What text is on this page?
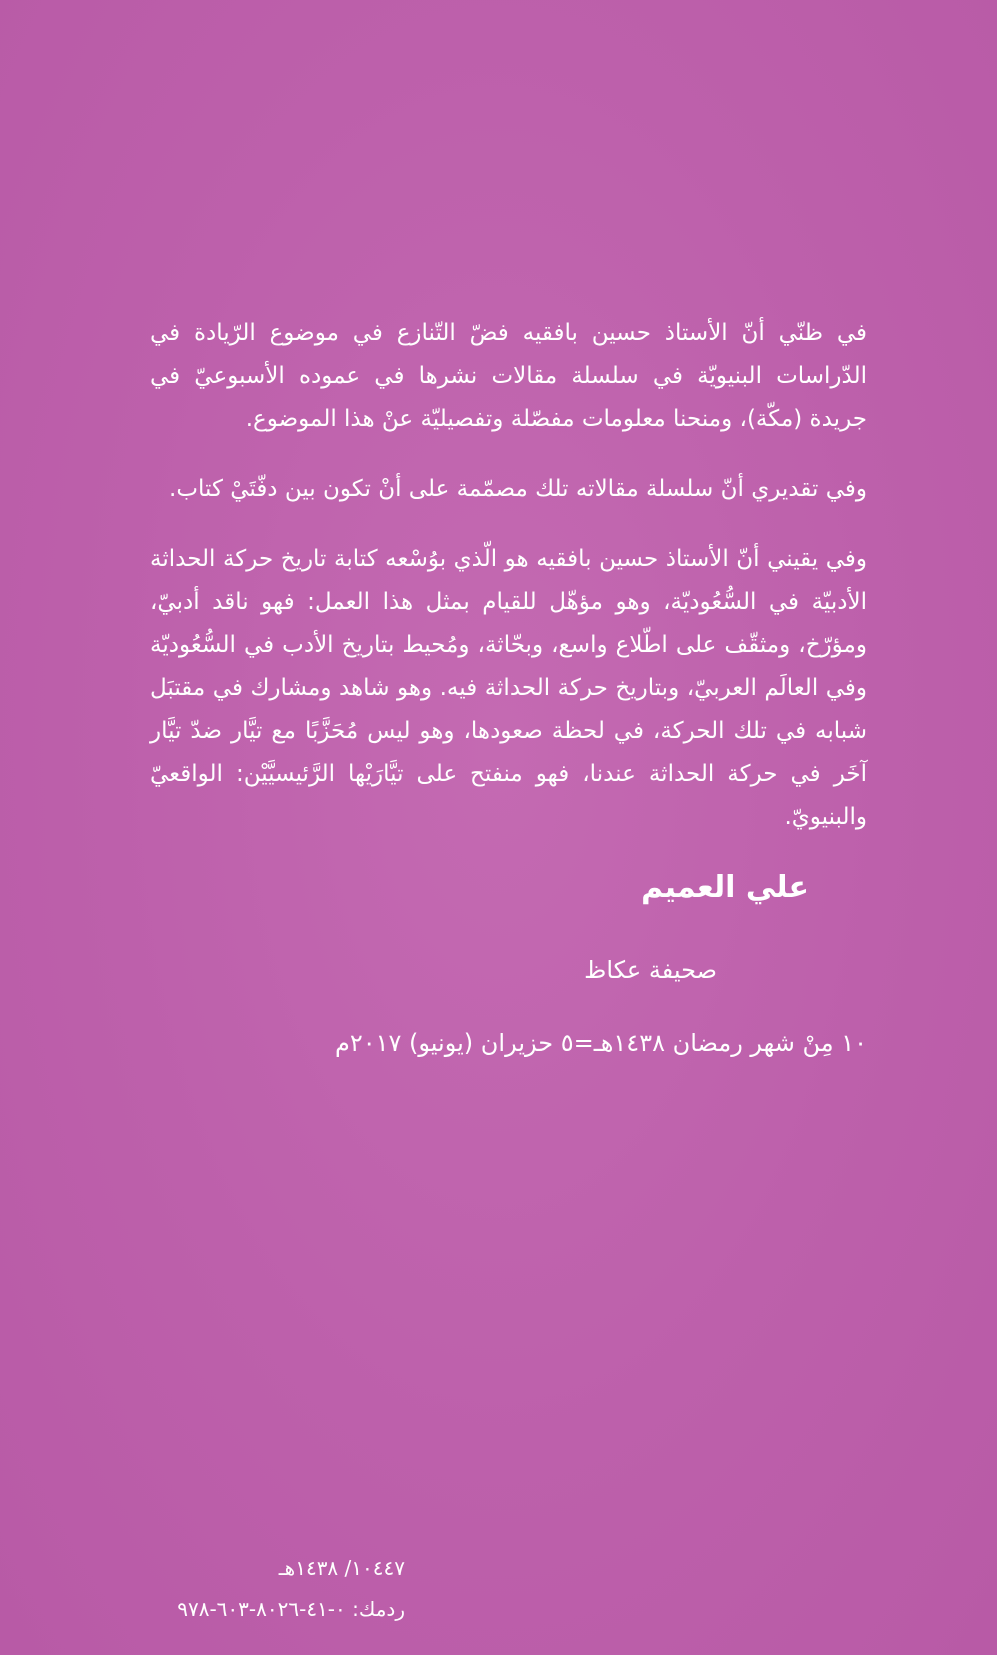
في ظنّي أنّ الأستاذ حسين بافقيه فضّ التّنازع في موضوع الرّيادة في الدّراسات البنيويّة في سلسلة مقالات نشرها في عموده الأسبوعيّ في جريدة (مكّة)، ومنحنا معلومات مفصّلة وتفصيليّة عنْ هذا الموضوع.

وفي تقديري أنّ سلسلة مقالاته تلك مصمّمة على أنْ تكون بين دفّتَيْ كتاب.

وفي يقيني أنّ الأستاذ حسين بافقيه هو الّذي بوُسْعه كتابة تاريخ حركة الحداثة الأدبيّة في السُّعُوديّة، وهو مؤهّل للقيام بمثل هذا العمل: فهو ناقد أدبيّ، ومؤرّخ، ومثقّف على اطّلاع واسع، وبحّاثة، ومُحيط بتاريخ الأدب في السُّعُوديّة وفي العالَم العربيّ، وبتاريخ حركة الحداثة فيه. وهو شاهد ومشارك في مقتبَل شبابه في تلك الحركة، في لحظة صعودها، وهو ليس مُحَزَّبًا مع تيَّار ضدّ تيَّار آخَر في حركة الحداثة عندنا، فهو منفتح على تيَّارَيْها الرَّئيسيَّيْن: الواقعيّ والبنيويّ.

علي العميم

صحيفة عكاظ

١٠ مِنْ شهر رمضان ١٤٣٨هـ=٥ حزيران (يونيو) ٢٠١٧م

١٠٤٤٧/ ١٤٣٨هـ
ردمك: ٠-٤١-٨٠٢٦-٦٠٣-٩٧٨
